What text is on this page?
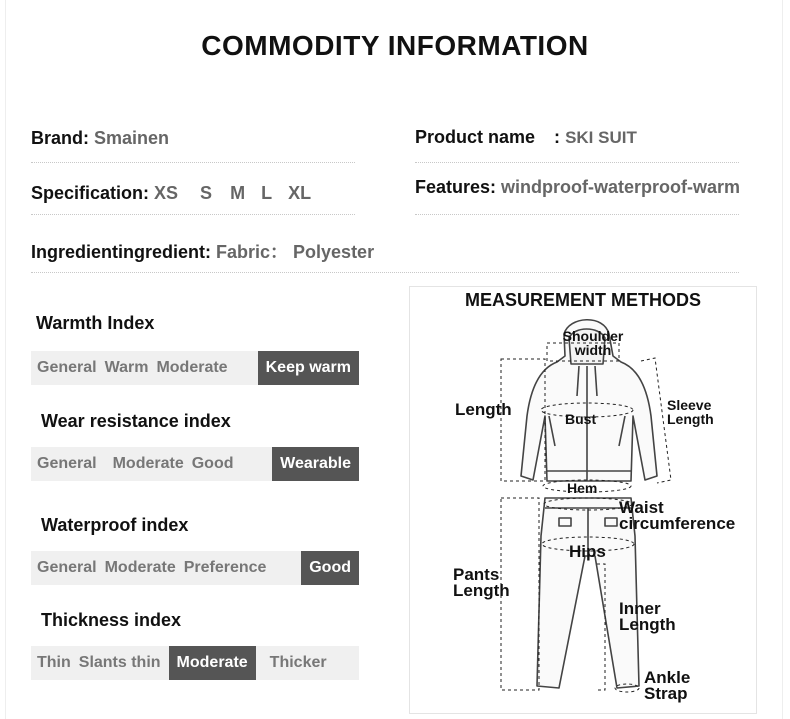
COMMODITY INFORMATION
Brand: Smainen	Product name : SKI SUIT
Specification: XS S M L XL	Features: windproof-waterproof-warm
Ingredientingredient: Fabric： Polyester
Warmth Index
General Warm Moderate	Keep warm
Wear resistance index
General Moderate Good	Wearable
Waterproof index
General Moderate Preference	Good
Thickness index
Thin Slants thin	Moderate	Thicker
MEASUREMENT METHODS
Shoulder width
Length	Sleeve Length
Bust
Hem
Waist circumference
Hips
Pants Length
Inner Length
Ankle Strap
